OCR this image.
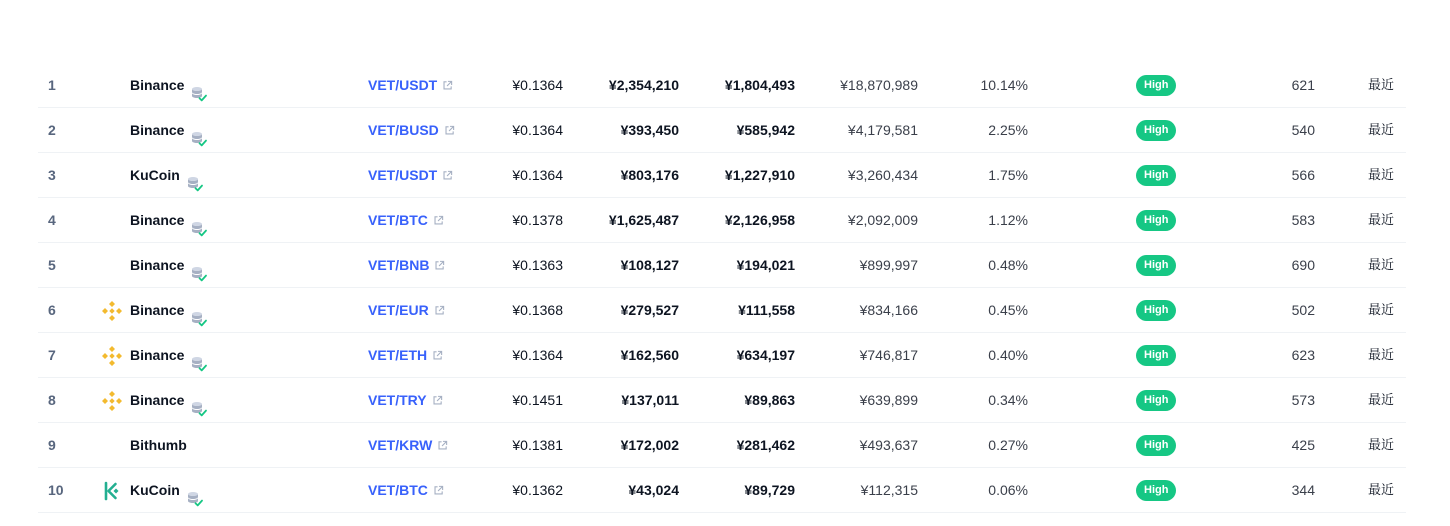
1	Binance	VET/USDT	¥0.1364	¥2,354,210	¥1,804,493	¥18,870,989	10.14%	High	621	最近
2	Binance	VET/BUSD	¥0.1364	¥393,450	¥585,942	¥4,179,581	2.25%	High	540	最近
3	KuCoin	VET/USDT	¥0.1364	¥803,176	¥1,227,910	¥3,260,434	1.75%	High	566	最近
4	Binance	VET/BTC	¥0.1378	¥1,625,487	¥2,126,958	¥2,092,009	1.12%	High	583	最近
5	Binance	VET/BNB	¥0.1363	¥108,127	¥194,021	¥899,997	0.48%	High	690	最近
6	Binance	VET/EUR	¥0.1368	¥279,527	¥111,558	¥834,166	0.45%	High	502	最近
7	Binance	VET/ETH	¥0.1364	¥162,560	¥634,197	¥746,817	0.40%	High	623	最近
8	Binance	VET/TRY	¥0.1451	¥137,011	¥89,863	¥639,899	0.34%	High	573	最近
9	Bithumb	VET/KRW	¥0.1381	¥172,002	¥281,462	¥493,637	0.27%	High	425	最近
10	KuCoin	VET/BTC	¥0.1362	¥43,024	¥89,729	¥112,315	0.06%	High	344	最近
